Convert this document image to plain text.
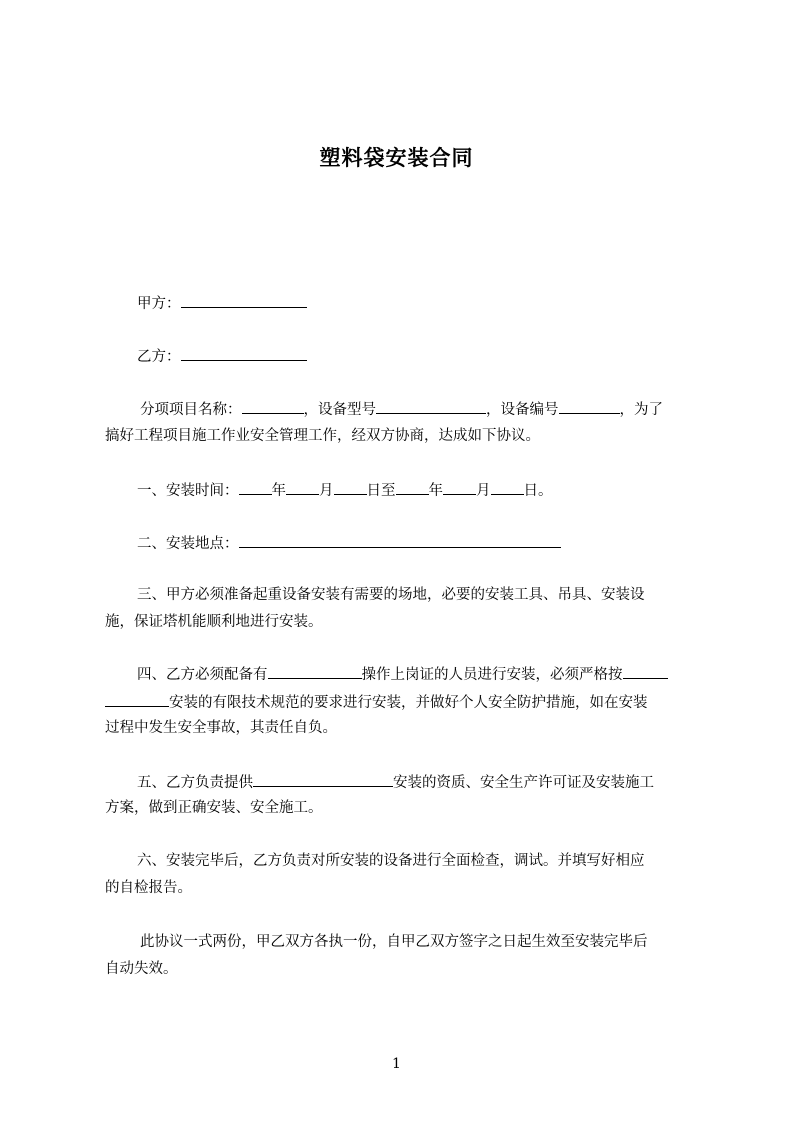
塑料袋安装合同
甲方：
乙方：
分项项目名称：	，设备型号	，设备编号	，为了
搞好工程项目施工作业安全管理工作，经双方协商，达成如下协议。
一、安装时间： 年 月 日至 年 月 日。
二、安装地点：
三、甲方必须准备起重设备安装有需要的场地，必要的安装工具、吊具、安装设
施，保证塔机能顺利地进行安装。
四、乙方必须配备有	操作上岗证的人员进行安装，必须严格按
安装的有限技术规范的要求进行安装，并做好个人安全防护措施，如在安装
过程中发生安全事故，其责任自负。
五、乙方负责提供	安装的资质、安全生产许可证及安装施工
方案，做到正确安装、安全施工。
六、安装完毕后，乙方负责对所安装的设备进行全面检查，调试。并填写好相应
的自检报告。
此协议一式两份，甲乙双方各执一份，自甲乙双方签字之日起生效至安装完毕后
自动失效。
1
